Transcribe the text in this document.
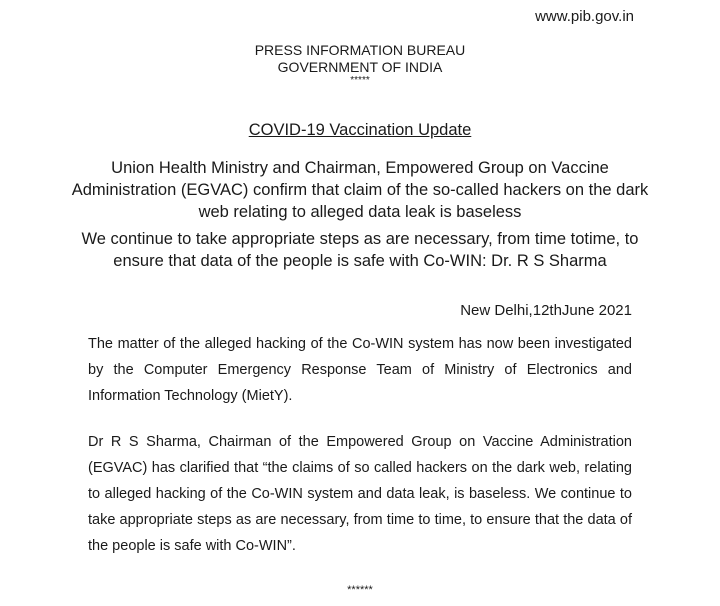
www.pib.gov.in
PRESS INFORMATION BUREAU
GOVERNMENT OF INDIA
*****
COVID-19 Vaccination Update
Union Health Ministry and Chairman, Empowered Group on Vaccine Administration (EGVAC) confirm that claim of the so-called hackers on the dark web relating to alleged data leak is baseless
We continue to take appropriate steps as are necessary, from time totime, to ensure that data of the people is safe with Co-WIN: Dr. R S Sharma
New Delhi,12thJune 2021
The matter of the alleged hacking of the Co-WIN system has now been investigated by the Computer Emergency Response Team of Ministry of Electronics and Information Technology (MietY).
Dr R S Sharma, Chairman of the Empowered Group on Vaccine Administration (EGVAC) has clarified that “the claims of so called hackers on the dark web, relating to alleged hacking of the Co-WIN system and data leak, is baseless. We continue to take appropriate steps as are necessary, from time to time, to ensure that the data of the people is safe with Co-WIN”.
******
